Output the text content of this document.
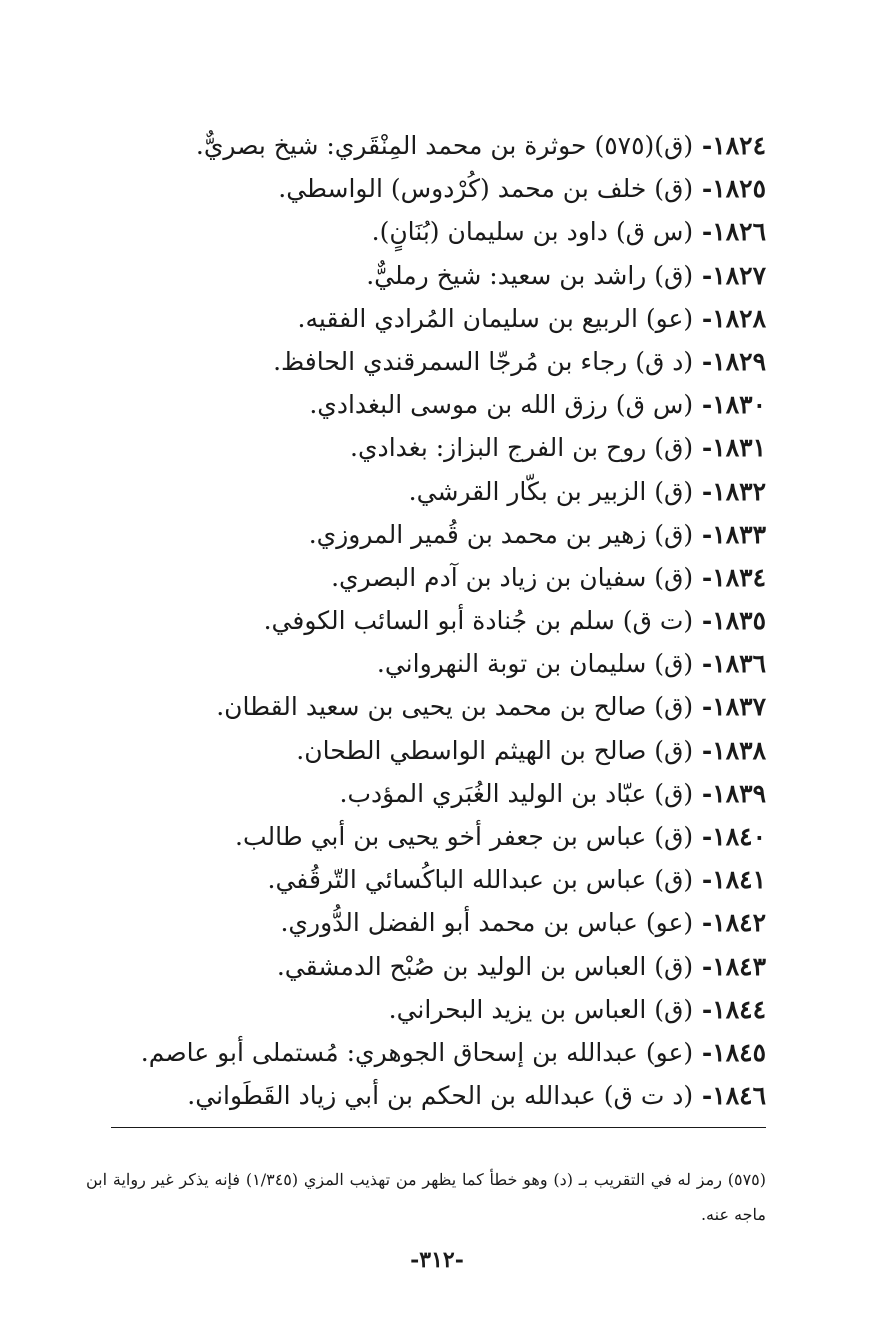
١٨٢٤- (ق)(٥٧٥) حوثرة بن محمد المِنْقَري: شيخ بصريٌّ.
١٨٢٥- (ق) خلف بن محمد (كُرْدوس) الواسطي.
١٨٢٦- (س ق) داود بن سليمان (بُنَانٍ).
١٨٢٧- (ق) راشد بن سعيد: شيخ رمليٌّ.
١٨٢٨- (عو) الربيع بن سليمان المُرادي الفقيه.
١٨٢٩- (د ق) رجاء بن مُرجّا السمرقندي الحافظ.
١٨٣٠- (س ق) رزق الله بن موسى البغدادي.
١٨٣١- (ق) روح بن الفرج البزاز: بغدادي.
١٨٣٢- (ق) الزبير بن بكّار القرشي.
١٨٣٣- (ق) زهير بن محمد بن قُمير المروزي.
١٨٣٤- (ق) سفيان بن زياد بن آدم البصري.
١٨٣٥- (ت ق) سلم بن جُنادة أبو السائب الكوفي.
١٨٣٦- (ق) سليمان بن توبة النهرواني.
١٨٣٧- (ق) صالح بن محمد بن يحيى بن سعيد القطان.
١٨٣٨- (ق) صالح بن الهيثم الواسطي الطحان.
١٨٣٩- (ق) عبّاد بن الوليد الغُبَري المؤدب.
١٨٤٠- (ق) عباس بن جعفر أخو يحيى بن أبي طالب.
١٨٤١- (ق) عباس بن عبدالله الباكُسائي التّرقُفي.
١٨٤٢- (عو) عباس بن محمد أبو الفضل الدُّوري.
١٨٤٣- (ق) العباس بن الوليد بن صُبْح الدمشقي.
١٨٤٤- (ق) العباس بن يزيد البحراني.
١٨٤٥- (عو) عبدالله بن إسحاق الجوهري: مُستملى أبو عاصم.
١٨٤٦- (د ت ق) عبدالله بن الحكم بن أبي زياد القَطَواني.

(٥٧٥) رمز له في التقريب بـ (د) وهو خطأ كما يظهر من تهذيب المزي (١/٣٤٥) فإنه يذكر غير رواية ابن ماجه عنه.

-٣١٢-
